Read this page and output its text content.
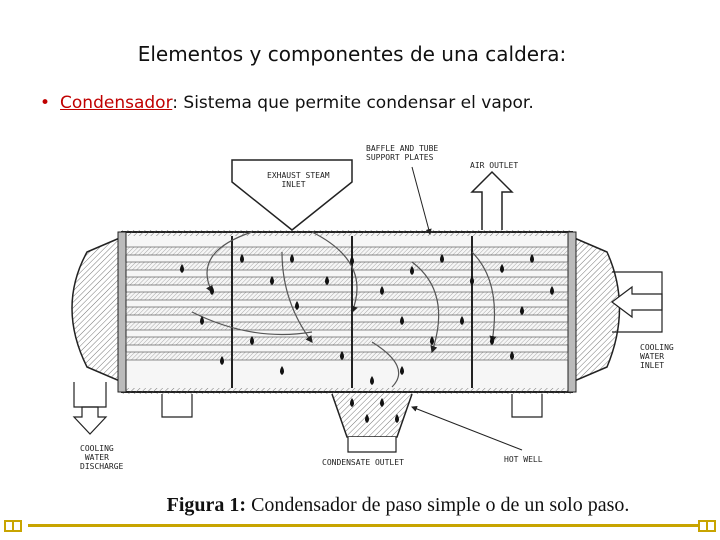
Elementos y componentes de una caldera:
• Condensador: Sistema que permite condensar el vapor.
EXHAUST STEAM
INLET
BAFFLE AND TUBE
SUPPORT PLATES
AIR OUTLET
COOLING
WATER
INLET
COOLING
WATER
DISCHARGE	CONDENSATE OUTLET	HOT WELL
Figura 1: Condensador de paso simple o de un solo paso.
